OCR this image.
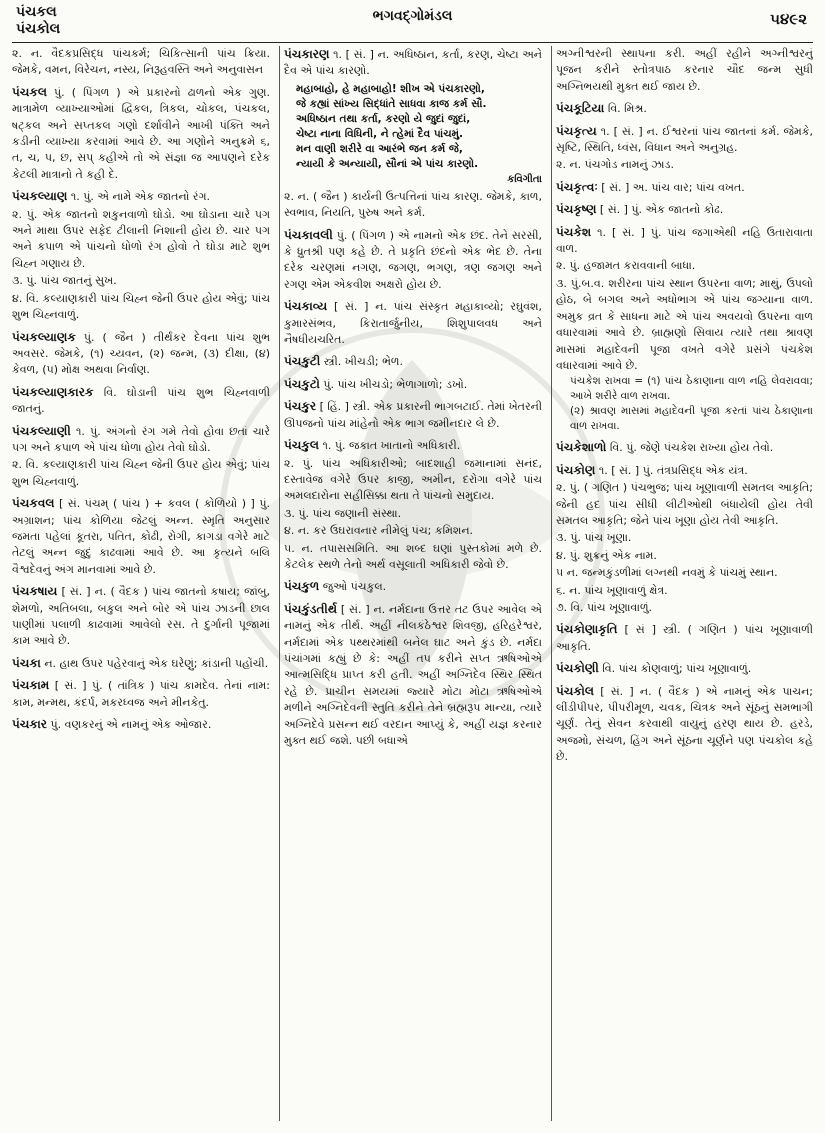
પંચકલ
પંચકોલ
ભગવદ્ગોમંડલ	૫૪૯૨
૨. ન. વૈદકપ્રસિદ્ધ પાંચકર્મ; ચિકિત્સાની પાંચ ક્રિયા. જેમકે, વમન, વિરેચન, નસ્ય, નિરૂહવસ્તિ અને અનુવાસન
પંચકલ પું. ( પિંગળ ) એ પ્રકારનો ઢાળનો એક ગુણ. માત્રામેળ વ્યાખ્યાઓમાં દ્વિકલ, ત્રિકલ, ચોકલ, પંચકલ, ષટ્કલ અને સપ્તકલ ગણો દર્શાવીને આખી પંક્તિ અને કડીની વ્યાખ્યા કરવામાં આવે છે. આ ગણોને અનુક્રમે ૬, ત, ચ, પ, છ, સપ્ કહીએ તો એ સંજ્ઞા જ આપણને દરેક કેટલી માત્રાનો તે કહી દે.
પંચકલ્યાણ ૧. પું. એ નામે એક જાતનો રંગ.
૨. પું. એક જાતનો શકુનવાળો ઘોડો. આ ઘોડાના ચારે પગ અને માથા ઉપર સફેદ ટીલાની નિશાની હોય છે. ચાર પગ અને કપાળ એ પાંચનો ધોળો રંગ હોવો તે ઘોડા માટે શુભ ચિહ્ન ગણાય છે.
૩. પું. પાંચ જાતનું સુખ.
૪. વિ. કલ્યાણકારી પાંચ ચિહ્ન જેની ઉપર હોય એવું; પાંચ શુભ ચિહ્નવાળું.
પંચકલ્યાણક પું. ( જૈન ) તીર્થંકર દેવના પાંચ શુભ અવસર. જેમકે, (૧) ચ્યવન, (૨) જન્મ, (૩) દીક્ષા, (૪) કેવળ, (૫) મોક્ષ અથવા નિર્વાણ.
પંચકલ્યાણકારક વિ. ઘોડાની પાંચ શુભ ચિહ્નવાળી જાતનું.
પંચકલ્યાણી ૧. પું. અંગનો રંગ ગમે તેવો હોવા છતાં ચારે પગ અને કપાળ એ પાંચ ધોળા હોય તેવો ઘોડો.
૨. વિ. કલ્યાણકારી પાંચ ચિહ્ન જેની ઉપર હોય એવું; પાંચ શુભ ચિહ્નવાળું.
પંચકવલ [ સં. પંચમ્ ( પાંચ ) + કવલ ( કોળિયો ) ] પું. અગ્રાશન; પાંચ કોળિયા જેટલું અન્ન. સ્મૃતિ અનુસાર જમતા પહેલાં કૂતરા, પતિત, કોઢી, રોગી, કાગડા વગેરે માટે તેટલું અન્ન જુદું કાઢવામાં આવે છે. આ કૃત્યને બલિ વૈશ્વદેવનું અંગ માનવામાં આવે છે.
પંચકષાય [ સં. ] ન. ( વૈદક ) પાંચ જાતનો કષાય; જાંબુ, શેમળો, અતિબલા, બકુલ અને બોર એ પાંચ ઝાડની છાલ પાણીમાં પલાળી કાઢવામાં આવેલો રસ. તે દુર્ગાની પૂજામાં કામ આવે છે.
પંચકા ન. હાથ ઉપર પહેરવાનું એક ઘરેણું; કાંડાની પહોંચી.
પંચકામ [ સં. ] પું. ( તાંત્રિક ) પાંચ કામદેવ. તેનાં નામ: કામ, મન્મથ, કંદર્પ, મકરધ્વજ અને મીનકેતુ.
પંચકાર પું. વણકરનું એ નામનું એક ઓજાર.
પંચકારણ ૧. [ સં. ] ન. અધિષ્ઠાન, કર્તા, કરણ, ચેષ્ટા અને દૈવ એ પાંચ કારણો.
મહાબાહો, હે મહાબાહો! શીખ એ પંચકારણો,
જે કહ્યાં સાંખ્ય સિદ્ધાંતે સાધવા કાજ કર્મ સૌ.
અધિષ્ઠાન તથા કર્તા, કરણો યે જુદાં જુદાં,
ચેષ્ટા નાના વિધિની, ને ત્હેમાં દૈવ પાંચમું.
મન વાણી શરીરે વા આરંભે જન કર્મ જે,
ન્યાયી કે અન્યાયી, સૌનાં એ પાંચ કારણો.
કવિગીતા
૨. ન. ( જૈન ) કાર્યની ઉત્પત્તિનાં પાંચ કારણ. જેમકે, કાળ, સ્વભાવ, નિયતિ, પુરુષ અને કર્મ.
પંચકાવલી પું. ( પિંગળ ) એ નામનો એક છંદ. તેને સરસી, કે ધ્રુતશ્રી પણ કહે છે. તે પ્રકૃતિ છંદનો એક ભેદ છે. તેના દરેક ચરણમાં નગણ, જગણ, ભગણ, ત્રણ જગણ અને રગણ એમ એકવીશ અક્ષરો હોય છે.
પંચકાવ્ય [ સં. ] ન. પાંચ સંસ્કૃત મહાકાવ્યો; રઘુવંશ, કુમારસંભવ, કિરાતાર્જુનીય, શિશુપાલવધ અને નૈષધીયચરિત.
પંચકુટી સ્ત્રી. ખીચડી; ભેળ.
પંચકુટો પું. પાંચ ખીચડો; ભેળાગાળો; ડખો.
પંચકુર [ હિં. ] સ્ત્રી. એક પ્રકારની ભાગબટાઈ. તેમાં ખેતરની ઊપજનો પાંચ માંહેનો એક ભાગ જમીનદાર લે છે.
પંચકુલ ૧. પું. જકાત ખાતાનો અધિકારી.
૨. પું. પાંચ અધિકારીઓ; બાદશાહી જમાનામાં સનંદ, દસ્તાવેજ વગેરે ઉપર કાજી, અમીન, દરોગા વગેરે પાંચ અમલદારોના સહીસિક્કા થતા તે પાંચનો સમુદાય.
૩. પું. પાંચ જણાની સંસ્થા.
૪. ન. કર ઉઘરાવનાર નીમેલું પંચ; કમિશન.
૫. ન. તપાસસમિતિ. આ શબ્દ ઘણાં પુસ્તકોમાં મળે છે. કેટલેક સ્થળે તેનો અર્થ વસૂલાતી અધિકારી જેવો છે.
પંચકુળ જુઓ પંચકુલ.
પંચકુંડતીર્થ [ સં. ] ન. નર્મદાના ઉત્તર તટ ઉપર આવેલ એ નામનું એક તીર્થ. અહીં નીલકંઠેશ્વર શિવજી, હરિહરેશ્વર, નર્મદામાં એક પથ્થરમાંથી બનેલ ઘાટ અને કુંડ છે. નર્મદા પંચાંગમાં કહ્યું છે કે: અહીં તપ કરીને સપ્ત ઋષિઓએ આત્મસિદ્ધિ પ્રાપ્ત કરી હતી. અહીં અગ્નિદેવ સ્થિર સ્થિત રહે છે. પ્રાચીન સમયમાં જ્યારે મોટા મોટા ઋષિઓએ મળીને અગ્નિદેવની સ્તુતિ કરીને તેને બ્રહ્મરૂપ માન્યા, ત્યારે અગ્નિદેવે પ્રસન્ન થઈ વરદાન આપ્યું કે, અહીં યજ્ઞ કરનાર મુક્ત થઈ જશે. પછી બધાએ
અગ્નીશ્વરની સ્થાપના કરી. અહીં રહીને અગ્નીશ્વરનું પૂજન કરીને સ્તોત્રપાઠ કરનાર ચૌદ જન્મ સુધી અગ્નિભયથી મુક્ત થઈ જાય છે.
પંચકૂટિયા વિ. મિશ્ર.
પંચકૃત્ય ૧. [ સં. ] ન. ઈશ્વરનાં પાંચ જાતનાં કર્મ. જેમકે, સૃષ્ટિ, સ્થિતિ, ધ્વંસ, વિધાન અને અનુગ્રહ.
૨. ન. પંચગોડ નામનું ઝાડ.
પંચકૃત્વઃ [ સં. ] અ. પાંચ વાર; પાંચ વખત.
પંચકૃષ્ણ [ સં. ] પું. એક જાતનો કોઢ.
પંચકેશ ૧. [ સં. ] પું. પાંચ જગાએથી નહિ ઉતારાવાતા વાળ.
૨. પું. હજામત કરાવવાની બાધા.
૩. પું.બ.વ. શરીરના પાંચ સ્થાન ઉપરના વાળ; માથું, ઉપલો હોઠ, બે બગલ અને અધોભાગ એ પાંચ જગ્યાના વાળ. અમુક વ્રત કે સાધના માટે એ પાંચ અવયવો ઉપરના વાળ વધારવામાં આવે છે. બ્રાહ્મણો સિવાય ત્યારે તથા શ્રાવણ માસમાં મહાદેવની પૂજા વખતે વગેરે પ્રસંગે પંચકેશ વધારવામાં આવે છે.
પંચકેશ રાખવા = (૧) પાંચ ઠેકાણાના વાળ નહિ લેવરાવવા; આખે શરીરે વાળ રાખવા.
(૨) શ્રાવણ માસમાં મહાદેવની પૂજા કરતાં પાંચ ઠેકાણાના વાળ રાખવા.
પંચકેશાળો વિ. પું. જેણે પંચકેશ રાખ્યા હોય તેવો.
પંચકોણ ૧. [ સં. ] પું. તંત્રપ્રસિદ્ધ એક યંત્ર.
૨. પું. ( ગણિત ) પંચભુજ; પાંચ ખૂણાવાળી સમતલ આકૃતિ; જેની હદ પાંચ સીધી લીટીઓથી બંધાયેલી હોય તેવી સમતલ આકૃતિ; જેને પાંચ ખૂણા હોય તેવી આકૃતિ.
૩. પું. પાંચ ખૂણા.
૪. પું. શુક્રનું એક નામ.
૫ ન. જન્મકુંડળીમાં લગ્નથી નવમું કે પાંચમું સ્થાન.
૬. ન. પાંચ ખૂણાવાળું ક્ષેત્ર.
૭. વિ. પાંચ ખૂણાવાળું.
પંચકોણાકૃતિ [ સં ] સ્ત્રી. ( ગણિત ) પાંચ ખૂણાવાળી આકૃતિ.
પંચકોણી વિ. પાંચ કોણવાળું; પાંચ ખૂણાવાળું.
પંચકોલ [ સં. ] ન. ( વૈદક ) એ નામનું એક પાચન; લીંડીપીપર, પીપરીમૂળ, ચવક, ચિત્રક અને સૂંઠનું સમભાગી ચૂર્ણ. તેનું સેવન કરવાથી વાયુનું હરણ થાય છે. હરડે, અજમો, સંચળ, હિંગ અને સૂંઠના ચૂર્ણને પણ પંચકોલ કહે છે.
